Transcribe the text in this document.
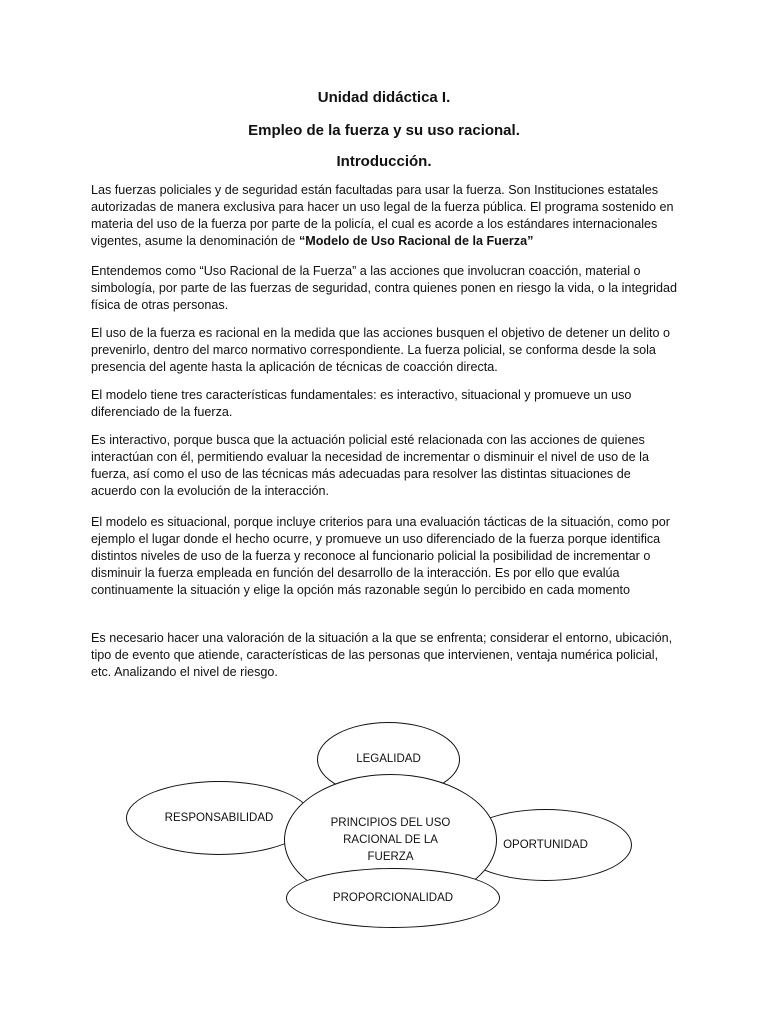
Unidad didáctica I.
Empleo de la fuerza y su uso racional.
Introducción.

Las fuerzas policiales y de seguridad están facultadas para usar la fuerza. Son Instituciones estatales autorizadas de manera exclusiva para hacer un uso legal de la fuerza pública. El programa sostenido en materia del uso de la fuerza por parte de la policía, el cual es acorde a los estándares internacionales vigentes, asume la denominación de “Modelo de Uso Racional de la Fuerza”

Entendemos como “Uso Racional de la Fuerza” a las acciones que involucran coacción, material o simbología, por parte de las fuerzas de seguridad, contra quienes ponen en riesgo la vida, o la integridad física de otras personas.

El uso de la fuerza es racional en la medida que las acciones busquen el objetivo de detener un delito o prevenirlo, dentro del marco normativo correspondiente. La fuerza policial, se conforma desde la sola presencia del agente hasta la aplicación de técnicas de coacción directa.

El modelo tiene tres características fundamentales: es interactivo, situacional y promueve un uso diferenciado de la fuerza.

Es interactivo, porque busca que la actuación policial esté relacionada con las acciones de quienes interactúan con él, permitiendo evaluar la necesidad de incrementar o disminuir el nivel de uso de la fuerza, así como el uso de las técnicas más adecuadas para resolver las distintas situaciones de acuerdo con la evolución de la interacción.

El modelo es situacional, porque incluye criterios para una evaluación tácticas de la situación, como por ejemplo el lugar donde el hecho ocurre, y promueve un uso diferenciado de la fuerza porque identifica distintos niveles de uso de la fuerza y reconoce al funcionario policial la posibilidad de incrementar o disminuir la fuerza empleada en función del desarrollo de la interacción. Es por ello que evalúa continuamente la situación y elige la opción más razonable según lo percibido en cada momento

Es necesario hacer una valoración de la situación a la que se enfrenta; considerar el entorno, ubicación, tipo de evento que atiende, características de las personas que intervienen, ventaja numérica policial, etc. Analizando el nivel de riesgo.

LEGALIDAD
RESPONSABILIDAD
OPORTUNIDAD
PRINCIPIOS DEL USO
RACIONAL DE LA
FUERZA
PROPORCIONALIDAD
